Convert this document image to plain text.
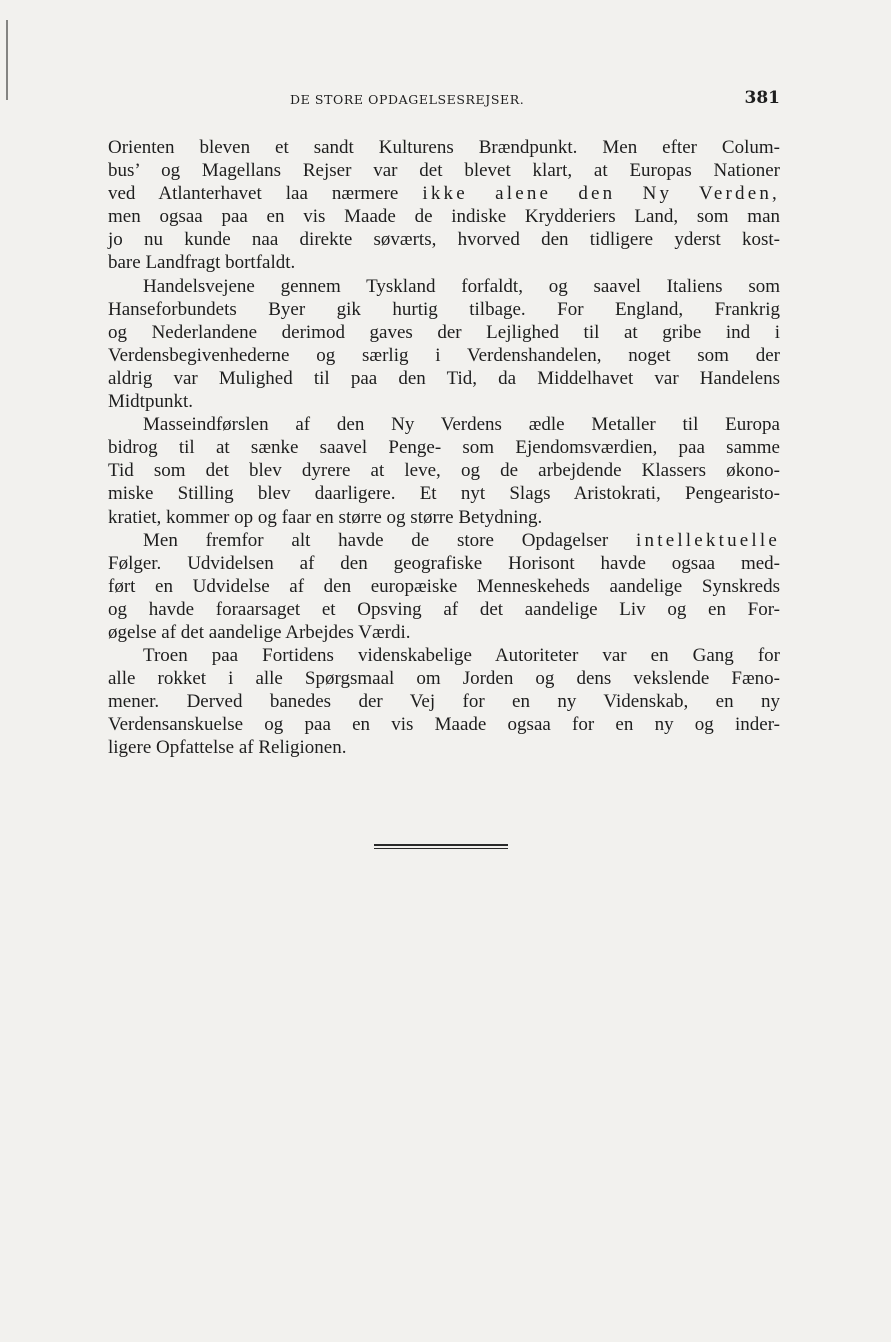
DE STORE OPDAGELSESREJSER.	381
Orienten bleven et sandt Kulturens Brændpunkt. Men efter Colum-
bus’ og Magellans Rejser var det blevet klart, at Europas Nationer
ved Atlanterhavet laa nærmere ikke alene den Ny Verden,
men ogsaa paa en vis Maade de indiske Krydderiers Land, som man
jo nu kunde naa direkte søværts, hvorved den tidligere yderst kost-
bare Landfragt bortfaldt.
Handelsvejene gennem Tyskland forfaldt, og saavel Italiens som
Hanseforbundets Byer gik hurtig tilbage. For England, Frankrig
og Nederlandene derimod gaves der Lejlighed til at gribe ind i
Verdensbegivenhederne og særlig i Verdenshandelen, noget som der
aldrig var Mulighed til paa den Tid, da Middelhavet var Handelens
Midtpunkt.
Masseindførslen af den Ny Verdens ædle Metaller til Europa
bidrog til at sænke saavel Penge- som Ejendomsværdien, paa samme
Tid som det blev dyrere at leve, og de arbejdende Klassers økono-
miske Stilling blev daarligere. Et nyt Slags Aristokrati, Pengearisto-
kratiet, kommer op og faar en større og større Betydning.
Men fremfor alt havde de store Opdagelser intellektuelle
Følger. Udvidelsen af den geografiske Horisont havde ogsaa med-
ført en Udvidelse af den europæiske Menneskeheds aandelige Synskreds
og havde foraarsaget et Opsving af det aandelige Liv og en For-
øgelse af det aandelige Arbejdes Værdi.
Troen paa Fortidens videnskabelige Autoriteter var en Gang for
alle rokket i alle Spørgsmaal om Jorden og dens vekslende Fæno-
mener. Derved banedes der Vej for en ny Videnskab, en ny
Verdensanskuelse og paa en vis Maade ogsaa for en ny og inder-
ligere Opfattelse af Religionen.
